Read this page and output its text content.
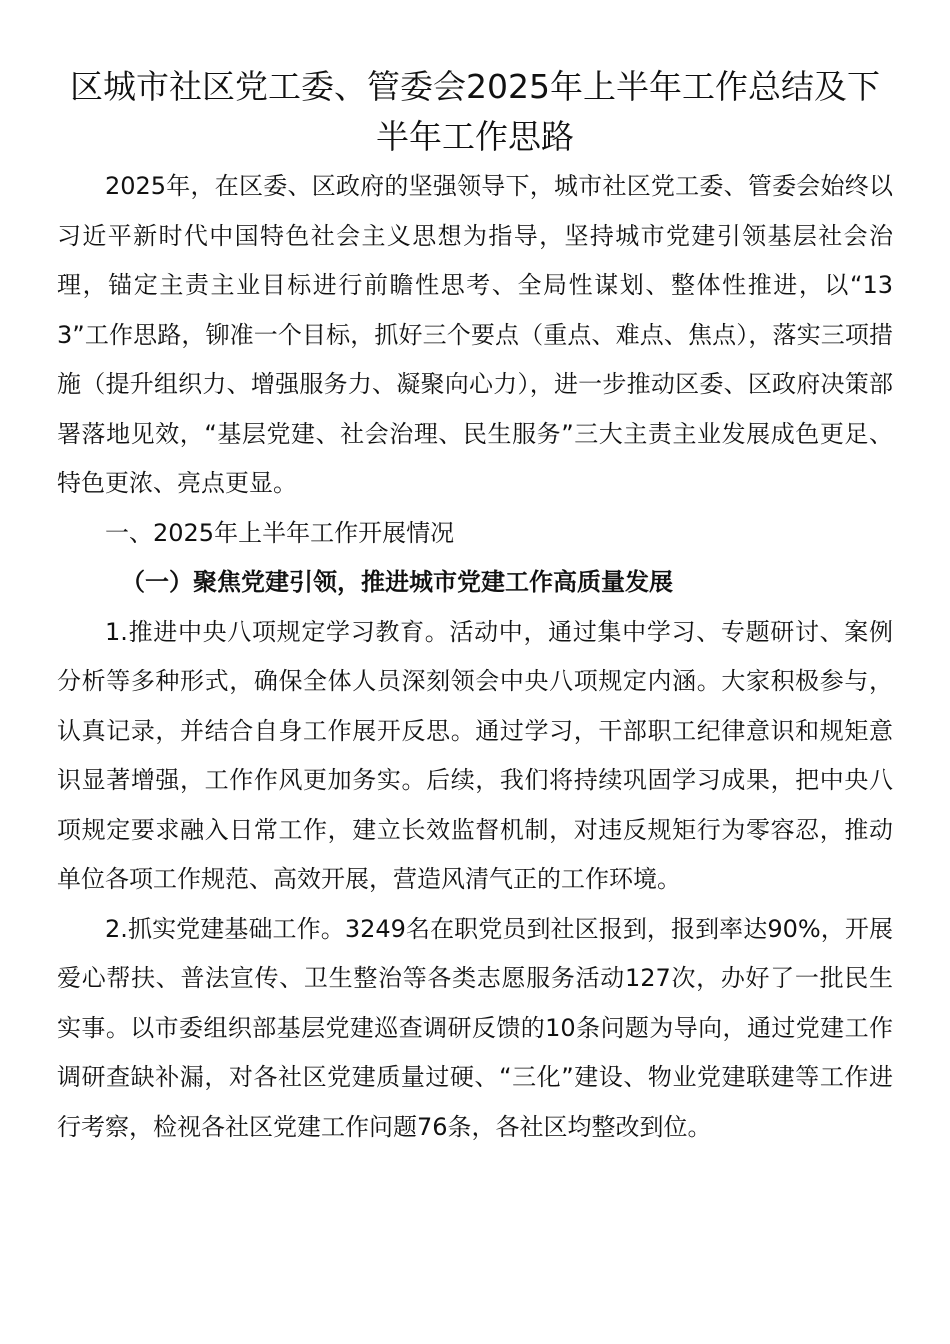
区城市社区党工委、管委会2025年上半年工作总结及下半年工作思路

2025年，在区委、区政府的坚强领导下，城市社区党工委、管委会始终以习近平新时代中国特色社会主义思想为指导，坚持城市党建引领基层社会治理，锚定主责主业目标进行前瞻性思考、全局性谋划、整体性推进，以“133”工作思路，铆准一个目标，抓好三个要点（重点、难点、焦点），落实三项措施（提升组织力、增强服务力、凝聚向心力），进一步推动区委、区政府决策部署落地见效，“基层党建、社会治理、民生服务”三大主责主业发展成色更足、特色更浓、亮点更显。

一、2025年上半年工作开展情况

（一）聚焦党建引领，推进城市党建工作高质量发展

1.推进中央八项规定学习教育。活动中，通过集中学习、专题研讨、案例分析等多种形式，确保全体人员深刻领会中央八项规定内涵。大家积极参与，认真记录，并结合自身工作展开反思。通过学习，干部职工纪律意识和规矩意识显著增强，工作作风更加务实。后续，我们将持续巩固学习成果，把中央八项规定要求融入日常工作，建立长效监督机制，对违反规矩行为零容忍，推动单位各项工作规范、高效开展，营造风清气正的工作环境。

2.抓实党建基础工作。3249名在职党员到社区报到，报到率达90%，开展爱心帮扶、普法宣传、卫生整治等各类志愿服务活动127次，办好了一批民生实事。以市委组织部基层党建巡查调研反馈的10条问题为导向，通过党建工作调研查缺补漏，对各社区党建质量过硬、“三化”建设、物业党建联建等工作进行考察，检视各社区党建工作问题76条，各社区均整改到位。
